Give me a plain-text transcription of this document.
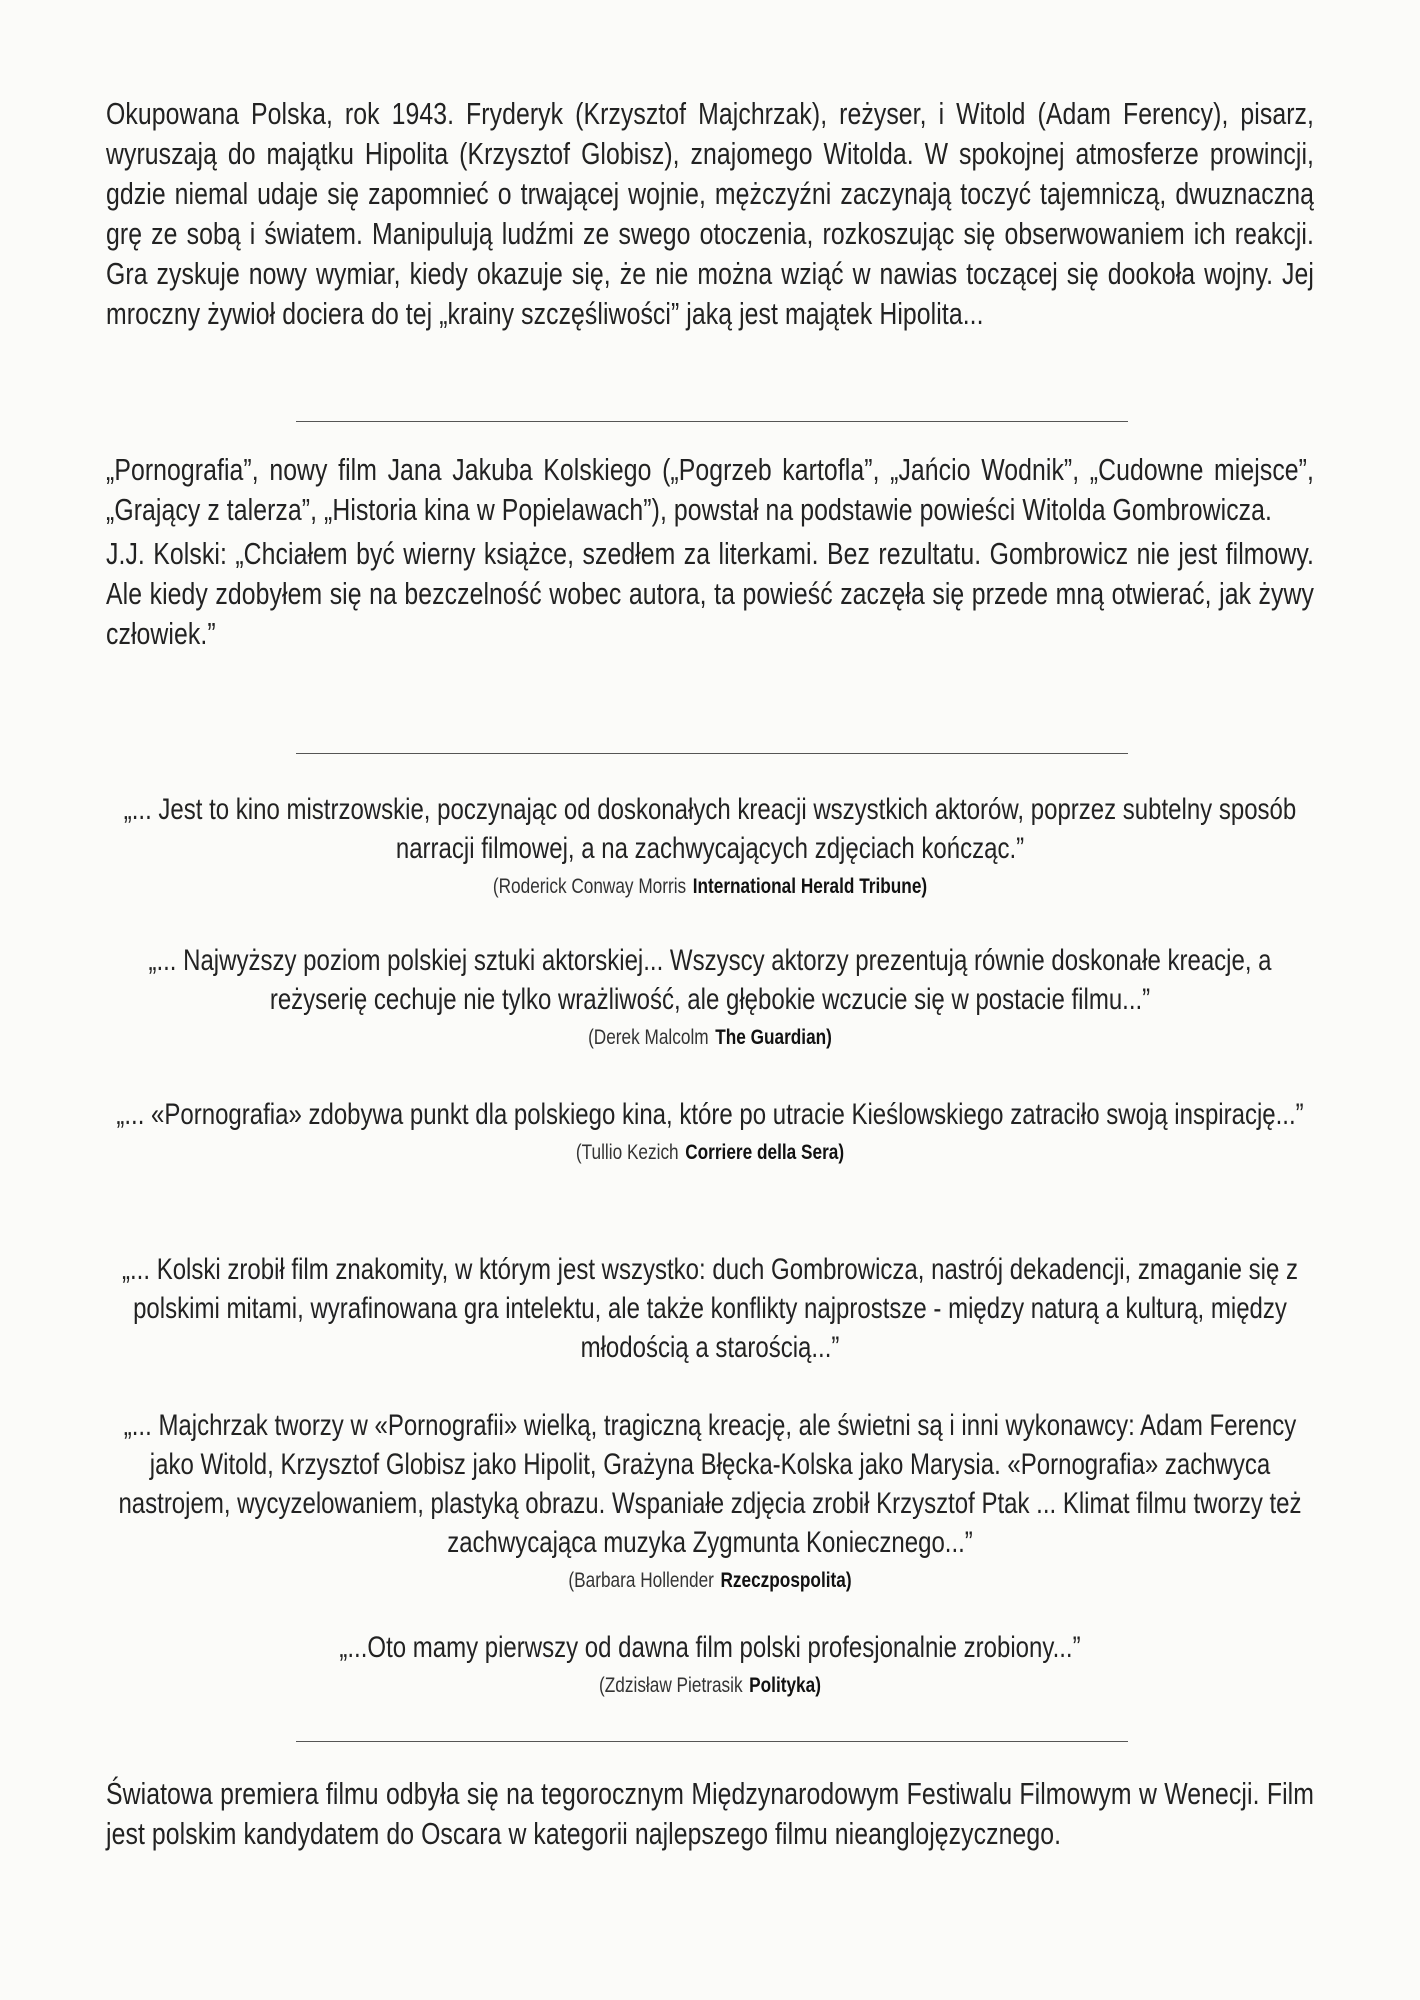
Okupowana Polska, rok 1943. Fryderyk (Krzysztof Majchrzak), reżyser, i Witold (Adam Ferency), pisarz, wyruszają do majątku Hipolita (Krzysztof Globisz), znajomego Witolda. W spokojnej atmosferze prowincji, gdzie niemal udaje się zapomnieć o trwającej wojnie, mężczyźni zaczynają toczyć tajemniczą, dwuznaczną grę ze sobą i światem. Manipulują ludźmi ze swego otoczenia, rozkoszując się obserwowaniem ich reakcji. Gra zyskuje nowy wymiar, kiedy okazuje się, że nie można wziąć w nawias toczącej się dookoła wojny. Jej mroczny żywioł dociera do tej „krainy szczęśliwości” jaką jest majątek Hipolita...

„Pornografia”, nowy film Jana Jakuba Kolskiego („Pogrzeb kartofla”, „Jańcio Wodnik”, „Cudowne miejsce”, „Grający z talerza”, „Historia kina w Popielawach”), powstał na podstawie powieści Witolda Gombrowicza.

J.J. Kolski: „Chciałem być wierny książce, szedłem za literkami. Bez rezultatu. Gombrowicz nie jest filmowy. Ale kiedy zdobyłem się na bezczelność wobec autora, ta powieść zaczęła się przede mną otwierać, jak żywy człowiek.”

„... Jest to kino mistrzowskie, poczynając od doskonałych kreacji wszystkich aktorów, poprzez subtelny sposób narracji filmowej, a na zachwycających zdjęciach kończąc.”
(Roderick Conway Morris International Herald Tribune)
„... Najwyższy poziom polskiej sztuki aktorskiej... Wszyscy aktorzy prezentują równie doskonałe kreacje, a reżyserię cechuje nie tylko wrażliwość, ale głębokie wczucie się w postacie filmu...”
(Derek Malcolm The Guardian)
„... «Pornografia» zdobywa punkt dla polskiego kina, które po utracie Kieślowskiego zatraciło swoją inspirację...”
(Tullio Kezich Corriere della Sera)
„... Kolski zrobił film znakomity, w którym jest wszystko: duch Gombrowicza, nastrój dekadencji, zmaganie się z polskimi mitami, wyrafinowana gra intelektu, ale także konflikty najprostsze - między naturą a kulturą, między młodością a starością...”
„... Majchrzak tworzy w «Pornografii» wielką, tragiczną kreację, ale świetni są i inni wykonawcy: Adam Ferency jako Witold, Krzysztof Globisz jako Hipolit, Grażyna Błęcka-Kolska jako Marysia. «Pornografia» zachwyca nastrojem, wycyzelowaniem, plastyką obrazu. Wspaniałe zdjęcia zrobił Krzysztof Ptak ... Klimat filmu tworzy też zachwycająca muzyka Zygmunta Koniecznego...”
(Barbara Hollender Rzeczpospolita)
„...Oto mamy pierwszy od dawna film polski profesjonalnie zrobiony...”
(Zdzisław Pietrasik Polityka)

Światowa premiera filmu odbyła się na tegorocznym Międzynarodowym Festiwalu Filmowym w Wenecji. Film jest polskim kandydatem do Oscara w kategorii najlepszego filmu nieanglojęzycznego.
